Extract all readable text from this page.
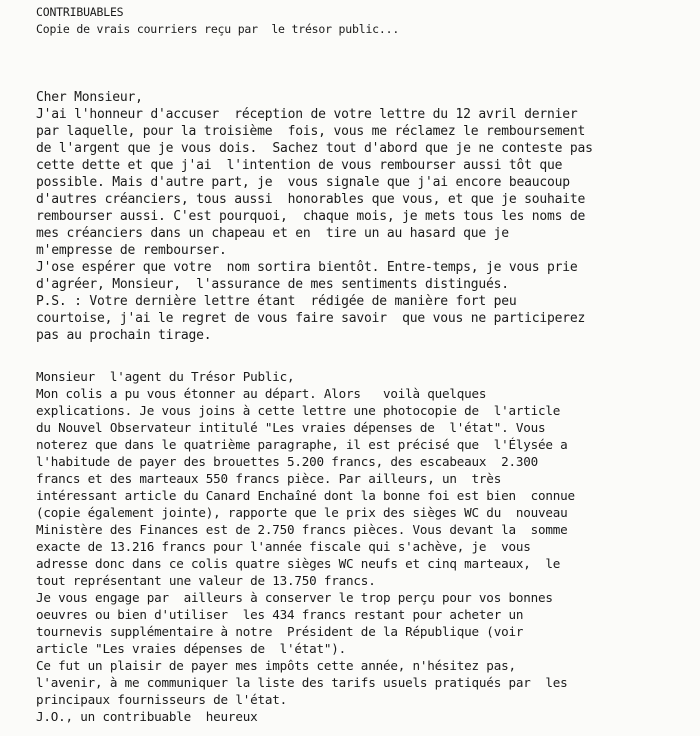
CONTRIBUABLES
Copie de vrais courriers reçu par  le trésor public...
Cher Monsieur,
J'ai l'honneur d'accuser  réception de votre lettre du 12 avril dernier
par laquelle, pour la troisième  fois, vous me réclamez le remboursement
de l'argent que je vous dois.  Sachez tout d'abord que je ne conteste pas
cette dette et que j'ai  l'intention de vous rembourser aussi tôt que
possible. Mais d'autre part, je  vous signale que j'ai encore beaucoup
d'autres créanciers, tous aussi  honorables que vous, et que je souhaite
rembourser aussi. C'est pourquoi,  chaque mois, je mets tous les noms de
mes créanciers dans un chapeau et en  tire un au hasard que je
m'empresse de rembourser.
J'ose espérer que votre  nom sortira bientôt. Entre-temps, je vous prie
d'agréer, Monsieur,  l'assurance de mes sentiments distingués.
P.S. : Votre dernière lettre étant  rédigée de manière fort peu
courtoise, j'ai le regret de vous faire savoir  que vous ne participerez
pas au prochain tirage.
Monsieur  l'agent du Trésor Public,
Mon colis a pu vous étonner au départ. Alors   voilà quelques
explications. Je vous joins à cette lettre une photocopie de  l'article
du Nouvel Observateur intitulé "Les vraies dépenses de  l'état". Vous
noterez que dans le quatrième paragraphe, il est précisé que  l'Élysée a
l'habitude de payer des brouettes 5.200 francs, des escabeaux  2.300
francs et des marteaux 550 francs pièce. Par ailleurs, un  très
intéressant article du Canard Enchaîné dont la bonne foi est bien  connue
(copie également jointe), rapporte que le prix des sièges WC du  nouveau
Ministère des Finances est de 2.750 francs pièces. Vous devant la  somme
exacte de 13.216 francs pour l'année fiscale qui s'achève, je  vous
adresse donc dans ce colis quatre sièges WC neufs et cinq marteaux,  le
tout représentant une valeur de 13.750 francs.
Je vous engage par  ailleurs à conserver le trop perçu pour vos bonnes
oeuvres ou bien d'utiliser  les 434 francs restant pour acheter un
tournevis supplémentaire à notre  Président de la République (voir
article "Les vraies dépenses de  l'état").
Ce fut un plaisir de payer mes impôts cette année, n'hésitez pas,
l'avenir, à me communiquer la liste des tarifs usuels pratiqués par  les
principaux fournisseurs de l'état.
J.O., un contribuable  heureux
